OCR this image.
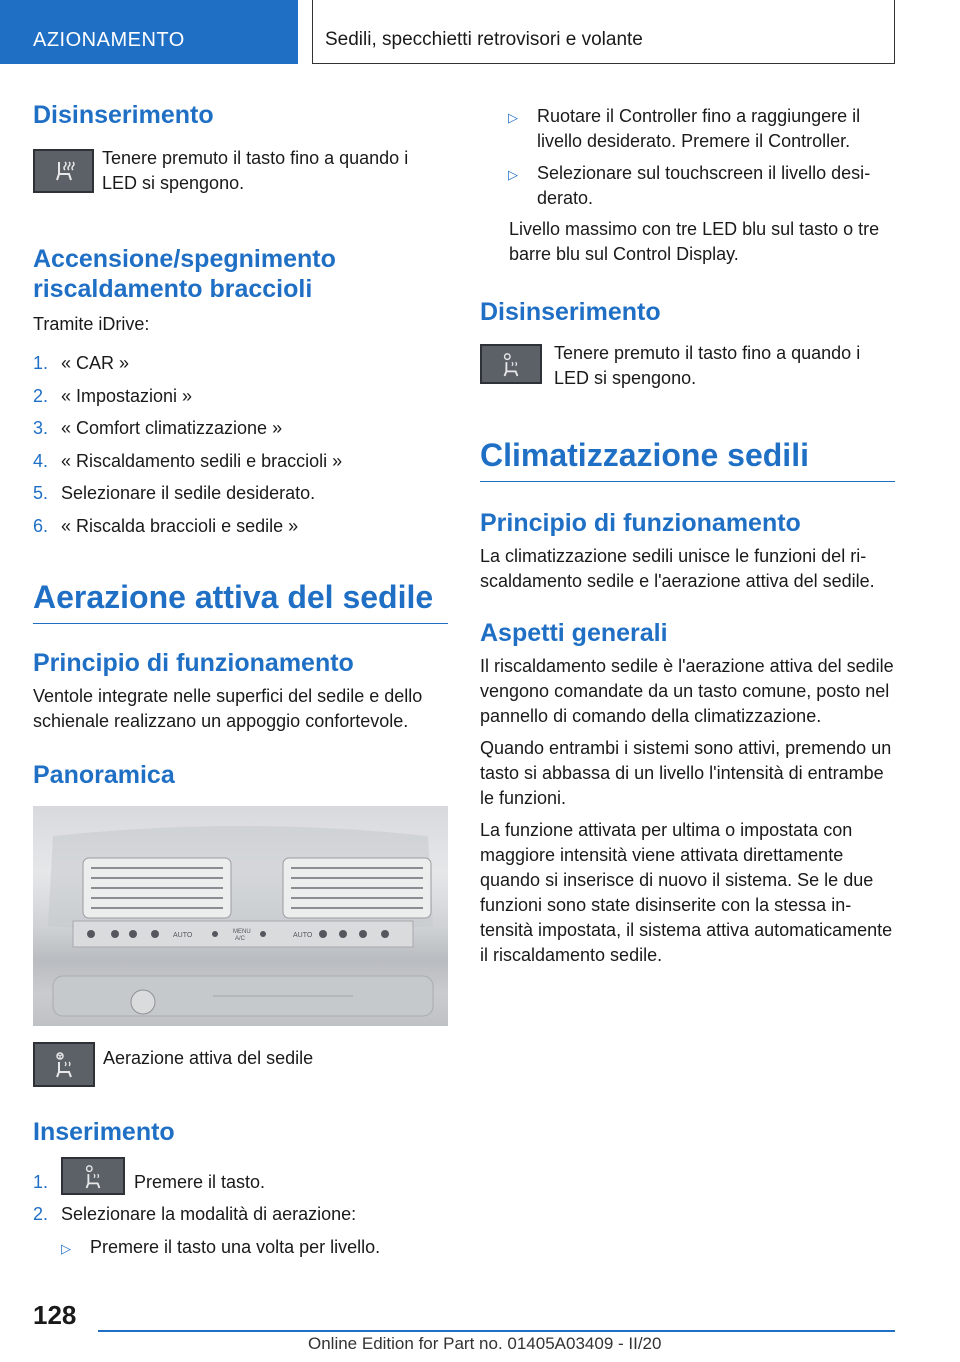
AZIONAMENTO	Sedili, specchietti retrovisori e volante
Disinserimento

Tenere premuto il tasto fino a quando i LED si spengono.

Accensione/spegnimento riscaldamento braccioli

Tramite iDrive:

1. « CAR »
2. « Impostazioni »
3. « Comfort climatizzazione »
4. « Riscaldamento sedili e braccioli »
5. Selezionare il sedile desiderato.
6. « Riscalda braccioli e sedile »
Aerazione attiva del sedile
Principio di funzionamento

Ventole integrate nelle superfici del sedile e dello schienale realizzano un appoggio confortevole.

Panoramica
AUTO	MENU
A/C	AUTO

Aerazione attiva del sedile

Inserimento
1.	Premere il tasto.
2. Selezionare la modalità di aerazione:
▷	Premere il tasto una volta per livello.
▷	Ruotare il Controller fino a raggiungere il livello desiderato. Premere il Controller.
▷	Selezionare sul touchscreen il livello desiderato.

Livello massimo con tre LED blu sul tasto o tre barre blu sul Control Display.

Disinserimento

Tenere premuto il tasto fino a quando i LED si spengono.

Climatizzazione sedili
Principio di funzionamento

La climatizzazione sedili unisce le funzioni del riscaldamento sedile e l'aerazione attiva del sedile.

Aspetti generali

Il riscaldamento sedile è l'aerazione attiva del sedile vengono comandate da un tasto comune, posto nel pannello di comando della climatizzazione.

Quando entrambi i sistemi sono attivi, premendo un tasto si abbassa di un livello l'intensità di entrambe le funzioni.

La funzione attivata per ultima o impostata con maggiore intensità viene attivata direttamente quando si inserisce di nuovo il sistema. Se le due funzioni sono state disinserite con la stessa intensità impostata, il sistema attiva automaticamente il riscaldamento sedile.

128
Online Edition for Part no. 01405A03409 - II/20
